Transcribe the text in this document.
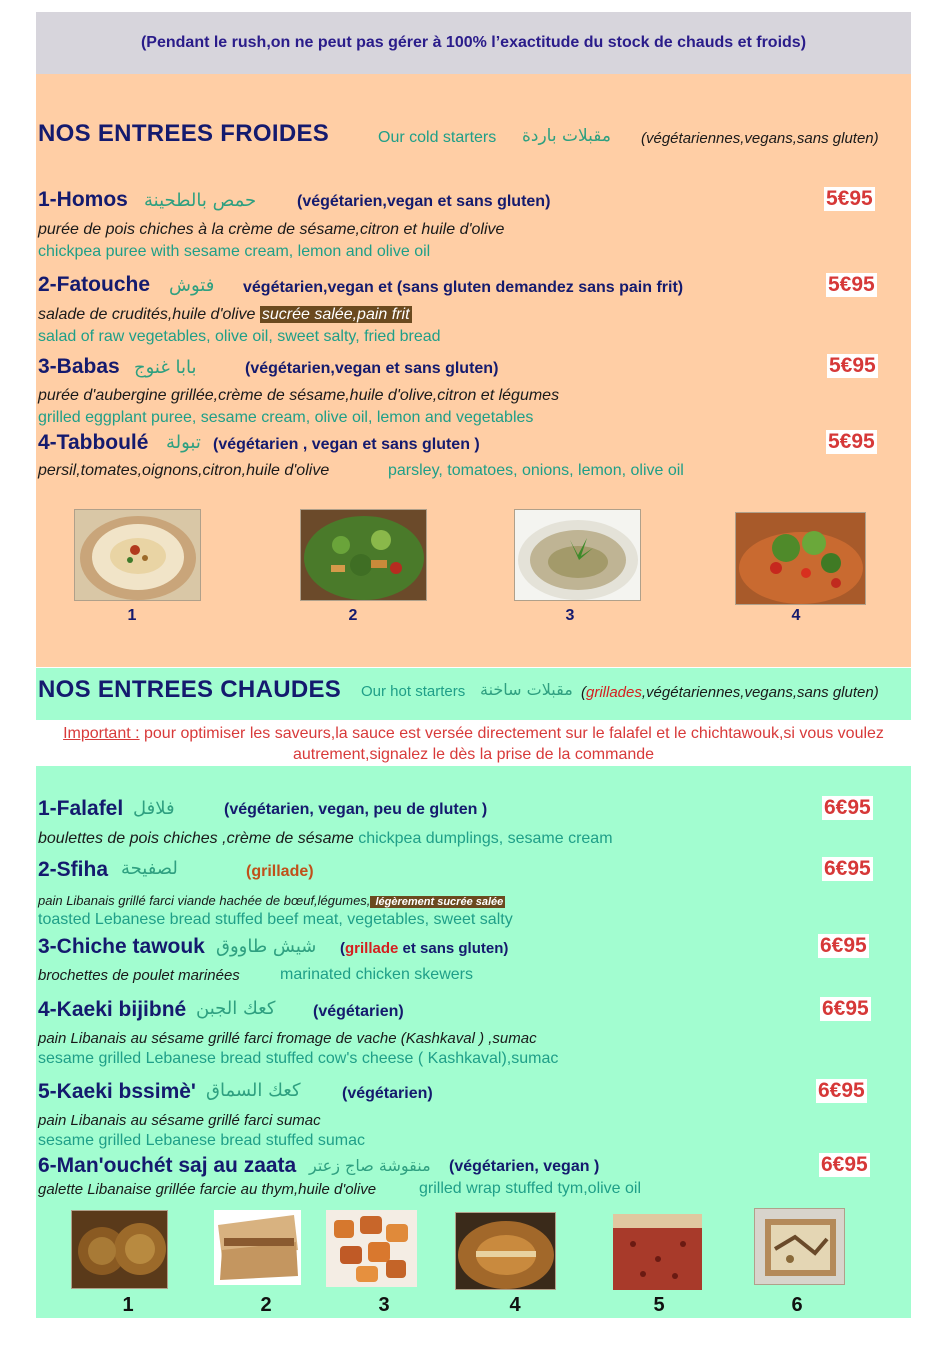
(Pendant le rush,on ne peut pas gérer à 100% l’exactitude du stock de chauds et froids)
NOS ENTREES FROIDES	Our cold starters مقبلات باردة (végétariennes,vegans,sans gluten)
1-Homos حمص بالطحينة	(végétarien,vegan et sans gluten)	5€95
purée de pois chiches à la crème de sésame,citron et huile d'olive
chickpea puree with sesame cream, lemon and olive oil
2-Fatouche فتوش végétarien,vegan et (sans gluten demandez sans pain frit)	5€95
salade de crudités,huile d'olive sucrée salée,pain frit
salad of raw vegetables, olive oil, sweet salty, fried bread
3-Babas بابا غنوج	(végétarien,vegan et sans gluten)	5€95
purée d'aubergine grillée,crème de sésame,huile d'olive,citron et légumes
grilled eggplant puree, sesame cream, olive oil, lemon and vegetables
4-Tabboulé تبولة (végétarien , vegan et sans gluten )	5€95
persil,tomates,oignons,citron,huile d'olive	parsley, tomatoes, onions, lemon, olive oil
1	2	3	4
NOS ENTREES CHAUDES Our hot starters مقبلات ساخنة (grillades,végétariennes,vegans,sans gluten)
Important : pour optimiser les saveurs,la sauce est versée directement sur le falafel et le chichtawouk,si vous voulez autrement,signalez le dès la prise de la commande
1-Falafel فلافل	(végétarien, vegan, peu de gluten )	6€95
boulettes de pois chiches ,crème de sésame chickpea dumplings, sesame cream
2-Sfiha لصفيحة	(grillade)	6€95
pain Libanais grillé farci viande hachée de bœuf,légumes, légèrement sucrée salée
toasted Lebanese bread stuffed beef meat, vegetables, sweet salty
3-Chiche tawouk شيش طاووق (grillade et sans gluten)	6€95
brochettes de poulet marinées	marinated chicken skewers
4-Kaeki bijibné كعك الجبن (végétarien)	6€95
pain Libanais au sésame grillé farci fromage de vache (Kashkaval ) ,sumac
sesame grilled Lebanese bread stuffed cow's cheese ( Kashkaval),sumac
5-Kaeki bssimè' كعك السماق	(végétarien)	6€95
pain Libanais au sésame grillé farci sumac
sesame grilled Lebanese bread stuffed sumac
6-Man'ouchét saj au zaata منقوشة صاج زعتر (végétarien, vegan )	6€95
galette Libanaise grillée farcie au thym,huile d'olive	grilled wrap stuffed tym,olive oil
1	2	3	4	5	6
